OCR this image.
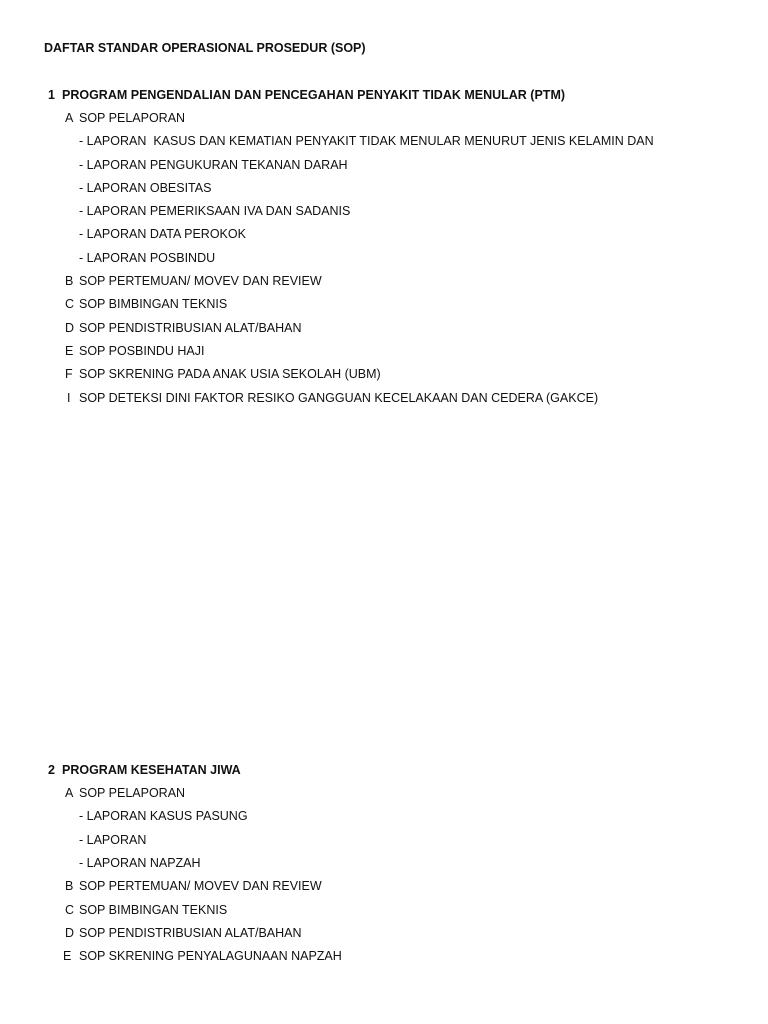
DAFTAR STANDAR OPERASIONAL PROSEDUR (SOP)
1 PROGRAM PENGENDALIAN DAN PENCEGAHAN PENYAKIT TIDAK MENULAR (PTM)
A SOP PELAPORAN
- LAPORAN  KASUS DAN KEMATIAN PENYAKIT TIDAK MENULAR MENURUT JENIS KELAMIN DAN
- LAPORAN PENGUKURAN TEKANAN DARAH
- LAPORAN OBESITAS
- LAPORAN PEMERIKSAAN IVA DAN SADANIS
- LAPORAN DATA PEROKOK
- LAPORAN POSBINDU
B SOP PERTEMUAN/ MOVEV DAN REVIEW
C SOP BIMBINGAN TEKNIS
D SOP PENDISTRIBUSIAN ALAT/BAHAN
E SOP POSBINDU HAJI
F SOP SKRENING PADA ANAK USIA SEKOLAH (UBM)
I SOP DETEKSI DINI FAKTOR RESIKO GANGGUAN KECELAKAAN DAN CEDERA (GAKCE)
2 PROGRAM KESEHATAN JIWA
A SOP PELAPORAN
- LAPORAN KASUS PASUNG
- LAPORAN
- LAPORAN NAPZAH
B SOP PERTEMUAN/ MOVEV DAN REVIEW
C SOP BIMBINGAN TEKNIS
D SOP PENDISTRIBUSIAN ALAT/BAHAN
E SOP SKRENING PENYALAGUNAAN NAPZAH
